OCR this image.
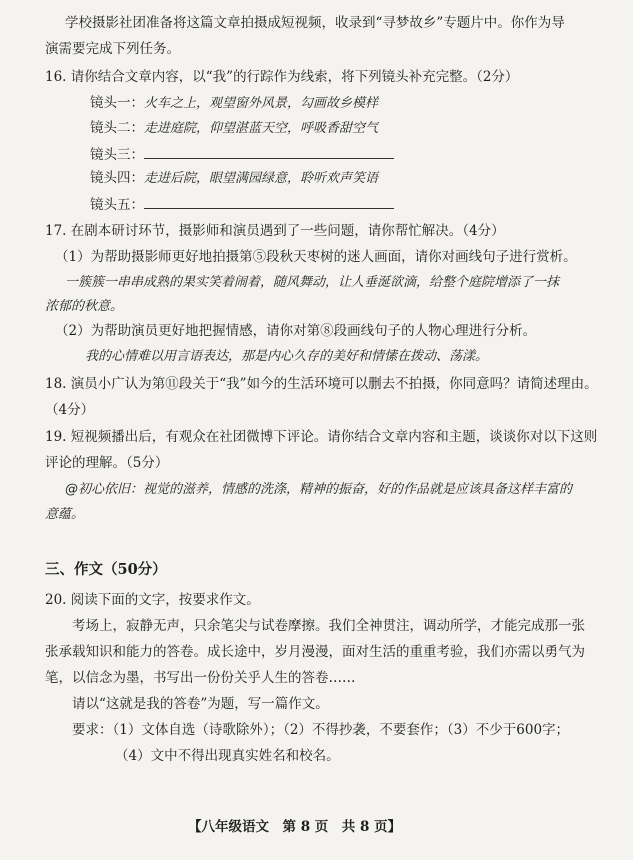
学校摄影社团准备将这篇文章拍摄成短视频，收录到“寻梦故乡”专题片中。你作为导
演需要完成下列任务。
16. 请你结合文章内容，以“我”的行踪作为线索，将下列镜头补充完整。（2分）
镜头一：火车之上，观望窗外风景，勾画故乡模样
镜头二：走进庭院，仰望湛蓝天空，呼吸香甜空气
镜头三：
镜头四：走进后院，眼望满园绿意，聆听欢声笑语
镜头五：
17. 在剧本研讨环节，摄影师和演员遇到了一些问题，请你帮忙解决。（4分）
（1）为帮助摄影师更好地拍摄第⑤段秋天枣树的迷人画面，请你对画线句子进行赏析。
一簇簇一串串成熟的果实笑着闹着，随风舞动，让人垂涎欲滴，给整个庭院增添了一抹
浓郁的秋意。
（2）为帮助演员更好地把握情感，请你对第⑧段画线句子的人物心理进行分析。
我的心情难以用言语表达，那是内心久存的美好和情愫在拨动、荡漾。
18. 演员小广认为第⑪段关于“我”如今的生活环境可以删去不拍摄，你同意吗？请简述理由。
（4分）
19. 短视频播出后，有观众在社团微博下评论。请你结合文章内容和主题，谈谈你对以下这则
评论的理解。（5分）
@初心依旧：视觉的滋养，情感的洗涤，精神的振奋，好的作品就是应该具备这样丰富的
意蕴。
三、作文（50分）
20. 阅读下面的文字，按要求作文。
考场上，寂静无声，只余笔尖与试卷摩擦。我们全神贯注，调动所学，才能完成那一张
张承载知识和能力的答卷。成长途中，岁月漫漫，面对生活的重重考验，我们亦需以勇气为
笔，以信念为墨，书写出一份份关乎人生的答卷……
请以“这就是我的答卷”为题，写一篇作文。
要求：（1）文体自选（诗歌除外）；（2）不得抄袭，不要套作；（3）不少于600字；
（4）文中不得出现真实姓名和校名。
【八年级语文　第 8 页　共 8 页】
